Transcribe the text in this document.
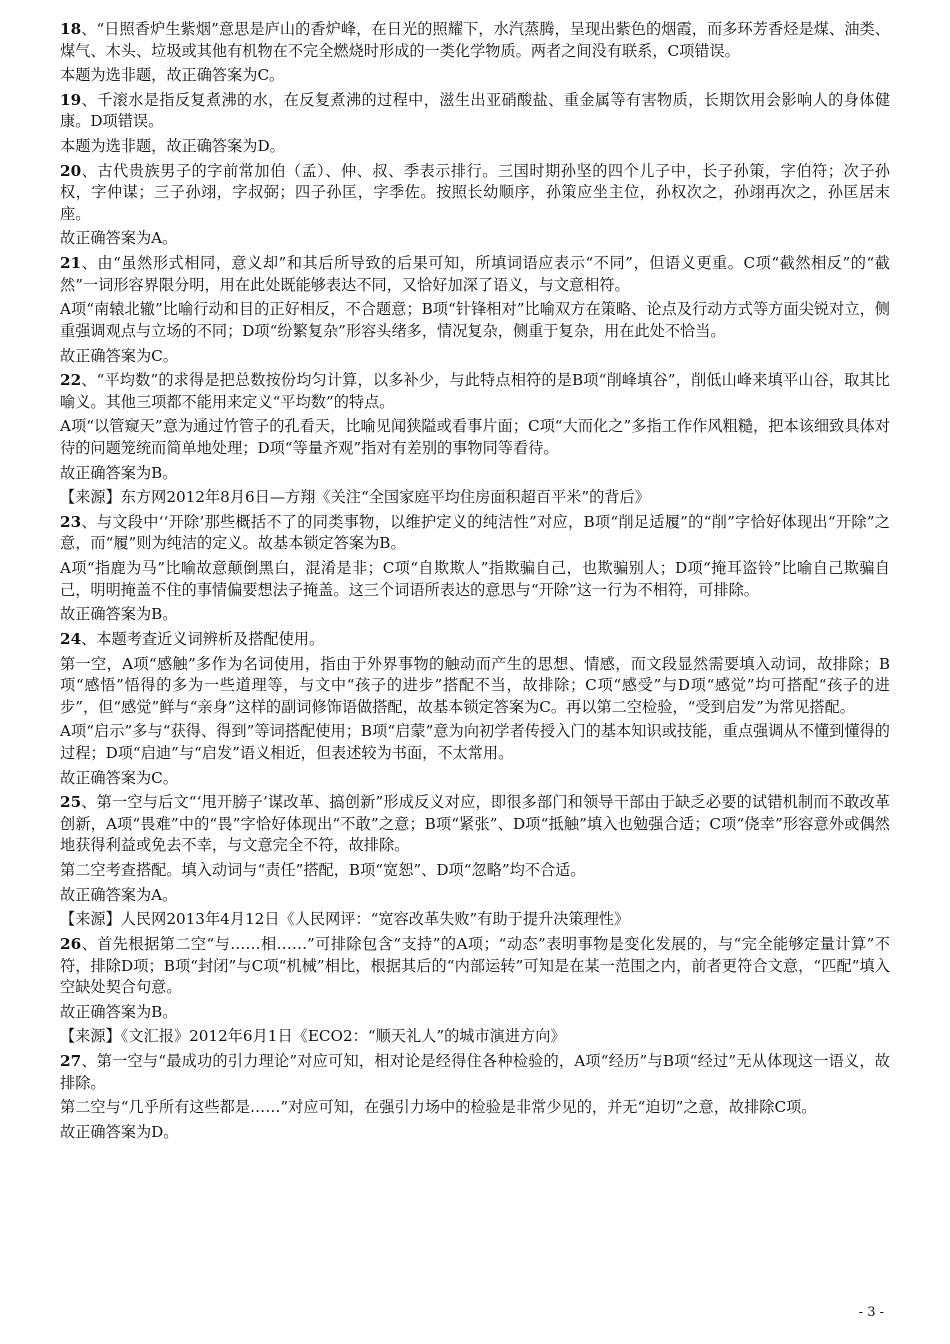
18、“日照香炉生紫烟”意思是庐山的香炉峰，在日光的照耀下，水汽蒸腾，呈现出紫色的烟霞，而多环芳香烃是煤、油类、煤气、木头、垃圾或其他有机物在不完全燃烧时形成的一类化学物质。两者之间没有联系，C项错误。
本题为选非题，故正确答案为C。
19、千滚水是指反复煮沸的水，在反复煮沸的过程中，滋生出亚硝酸盐、重金属等有害物质，长期饮用会影响人的身体健康。D项错误。
本题为选非题，故正确答案为D。
20、古代贵族男子的字前常加伯（孟）、仲、叔、季表示排行。三国时期孙坚的四个儿子中，长子孙策，字伯符；次子孙权，字仲谋；三子孙翊，字叔弼；四子孙匡，字季佐。按照长幼顺序，孙策应坐主位，孙权次之，孙翊再次之，孙匡居末座。
故正确答案为A。
21、由“虽然形式相同，意义却”和其后所导致的后果可知，所填词语应表示“不同”，但语义更重。C项“截然相反”的“截然”一词形容界限分明，用在此处既能够表达不同，又恰好加深了语义，与文意相符。
A项“南辕北辙”比喻行动和目的正好相反，不合题意；B项“针锋相对”比喻双方在策略、论点及行动方式等方面尖锐对立，侧重强调观点与立场的不同；D项“纷繁复杂”形容头绪多，情况复杂，侧重于复杂，用在此处不恰当。
故正确答案为C。
22、“平均数”的求得是把总数按份均匀计算，以多补少，与此特点相符的是B项“削峰填谷”，削低山峰来填平山谷，取其比喻义。其他三项都不能用来定义“平均数”的特点。
A项“以管窥天”意为通过竹管子的孔看天，比喻见闻狭隘或看事片面；C项“大而化之”多指工作作风粗糙，把本该细致具体对待的问题笼统而简单地处理；D项“等量齐观”指对有差别的事物同等看待。
故正确答案为B。
【来源】东方网2012年8月6日—方翔《关注“全国家庭平均住房面积超百平米”的背后》
23、与文段中‘‘开除’那些概括不了的同类事物，以维护定义的纯洁性”对应，B项“削足适履”的“削”字恰好体现出“开除”之意，而“履”则为纯洁的定义。故基本锁定答案为B。
A项“指鹿为马”比喻故意颠倒黑白，混淆是非；C项“自欺欺人”指欺骗自己，也欺骗别人；D项“掩耳盗铃”比喻自己欺骗自己，明明掩盖不住的事情偏要想法子掩盖。这三个词语所表达的意思与“开除”这一行为不相符，可排除。
故正确答案为B。
24、本题考查近义词辨析及搭配使用。
第一空，A项“感触”多作为名词使用，指由于外界事物的触动而产生的思想、情感，而文段显然需要填入动词，故排除；B项“感悟”悟得的多为一些道理等，与文中“孩子的进步”搭配不当，故排除；C项“感受”与D项“感觉”均可搭配“孩子的进步”，但“感觉”鲜与“亲身”这样的副词修饰语做搭配，故基本锁定答案为C。再以第二空检验，“受到启发”为常见搭配。
A项“启示”多与“获得、得到”等词搭配使用；B项“启蒙”意为向初学者传授入门的基本知识或技能，重点强调从不懂到懂得的过程；D项“启迪”与“启发”语义相近，但表述较为书面，不太常用。
故正确答案为C。
25、第一空与后文“‘甩开膀子’谋改革、搞创新”形成反义对应，即很多部门和领导干部由于缺乏必要的试错机制而不敢改革创新，A项“畏难”中的“畏”字恰好体现出“不敢”之意；B项“紧张”、D项“抵触”填入也勉强合适；C项“侥幸”形容意外或偶然地获得利益或免去不幸，与文意完全不符，故排除。
第二空考查搭配。填入动词与“责任”搭配，B项“宽恕”、D项“忽略”均不合适。
故正确答案为A。
【来源】人民网2013年4月12日《人民网评：“宽容改革失败”有助于提升决策理性》
26、首先根据第二空“与……相……”可排除包含“支持”的A项；“动态”表明事物是变化发展的，与“完全能够定量计算”不符，排除D项；B项“封闭”与C项“机械”相比，根据其后的“内部运转”可知是在某一范围之内，前者更符合文意，“匹配”填入空缺处契合句意。
故正确答案为B。
【来源】《文汇报》2012年6月1日《ECO2：“顺天礼人”的城市演进方向》
27、第一空与“最成功的引力理论”对应可知，相对论是经得住各种检验的，A项“经历”与B项“经过”无从体现这一语义，故排除。
第二空与“几乎所有这些都是……”对应可知，在强引力场中的检验是非常少见的，并无“迫切”之意，故排除C项。
故正确答案为D。
- 3 -
